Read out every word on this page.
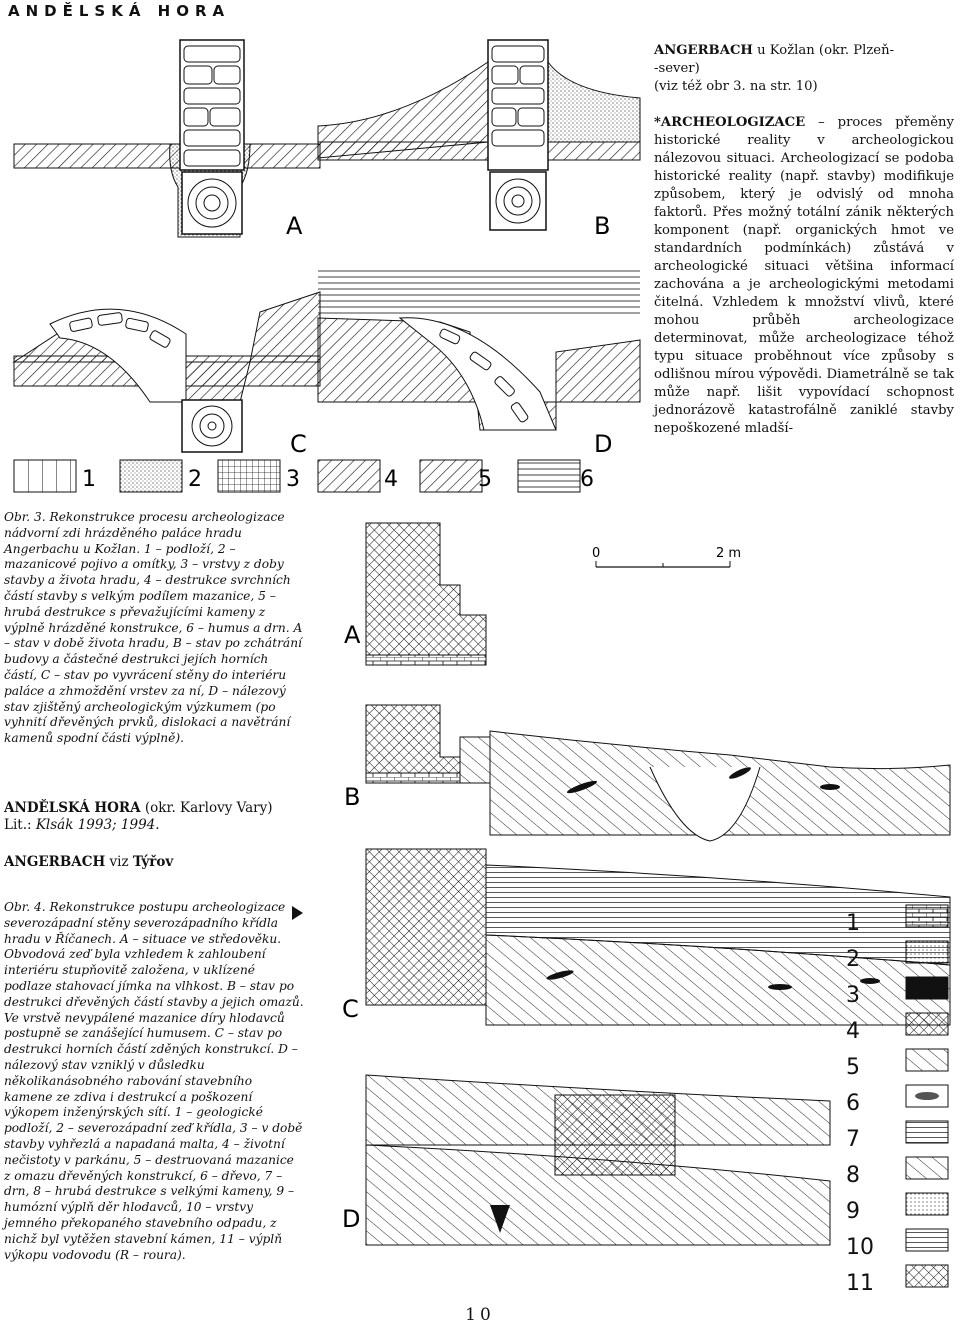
ANDĚLSKÁ HORA
A	B
C	D
1	2	3	4	5	6

ANGERBACH u Kožlan (okr. Plzeň-
-sever)
(viz též obr 3. na str. 10)

*ARCHEOLOGIZACE – proces přeměny historické reality v archeologickou nálezovou situaci. Archeologizací se podoba historické reality (např. stavby) modifikuje způsobem, který je odvislý od mnoha faktorů. Přes možný totální zánik některých komponent (např. organických hmot ve standardních podmínkách) zůstává v archeologické situaci většina informací zachována a je archeologickými metodami čitelná. Vzhledem k množství vlivů, které mohou průběh archeologizace determinovat, může archeologizace téhož typu situace proběhnout více způsoby s odlišnou mírou výpovědi. Diametrálně se tak může např. lišit vypovídací schopnost jednorázově katastrofálně zaniklé stavby nepoškozené mladší-

Obr. 3. Rekonstrukce procesu archeologizace nádvorní zdi hrázděného paláce hradu Angerbachu u Kožlan. 1 – podloží, 2 – mazanicové pojivo a omítky, 3 – vrstvy z doby stavby a života hradu, 4 – destrukce svrchních částí stavby s velkým podílem mazanice, 5 – hrubá destrukce s převažujícími kameny z výplně hrázděné konstrukce, 6 – humus a drn. A – stav v době života hradu, B – stav po zchátrání budovy a částečné destrukci jejích horních částí, C – stav po vyvrácení stěny do interiéru paláce a zhmoždění vrstev za ní, D – nálezový stav zjištěný archeologickým výzkumem (po vyhnití dřevěných prvků, dislokaci a navětrání kamenů spodní části výplně).

ANDĚLSKÁ HORA (okr. Karlovy Vary)
Lit.: Klsák 1993; 1994.
ANGERBACH viz Týřov

Obr. 4. Rekonstrukce postupu archeologizace severozápadní stěny severozápadního křídla hradu v Říčanech. A – situace ve středověku. Obvodová zeď byla vzhledem k zahloubení interiéru stupňovitě založena, v uklízené podlaze stahovací jímka na vlhkost. B – stav po destrukci dřevěných částí stavby a jejich omazů. Ve vrstvě nevypálené mazanice díry hlodavců postupně se zanášející humusem. C – stav po destrukci horních částí zděných konstrukcí. D – nálezový stav vzniklý v důsledku několikanásobného rabování stavebního kamene ze zdiva i destrukcí a poškození výkopem inženýrských sítí. 1 – geologické podloží, 2 – severozápadní zeď křídla, 3 – v době stavby vyhřezlá a napadaná malta, 4 – životní nečistoty v parkánu, 5 – destruovaná mazanice z omazu dřevěných konstrukcí, 6 – dřevo, 7 – drn, 8 – hrubá destrukce s velkými kameny, 9 – humózní výplň děr hlodavců, 10 – vrstvy jemného překopaného stavebního odpadu, z nichž byl vytěžen stavební kámen, 11 – výplň výkopu vodovodu (R – roura).

0	2 m
A
B
C
D
1
2
3
4
5
6
7
8
9
10
11
10
